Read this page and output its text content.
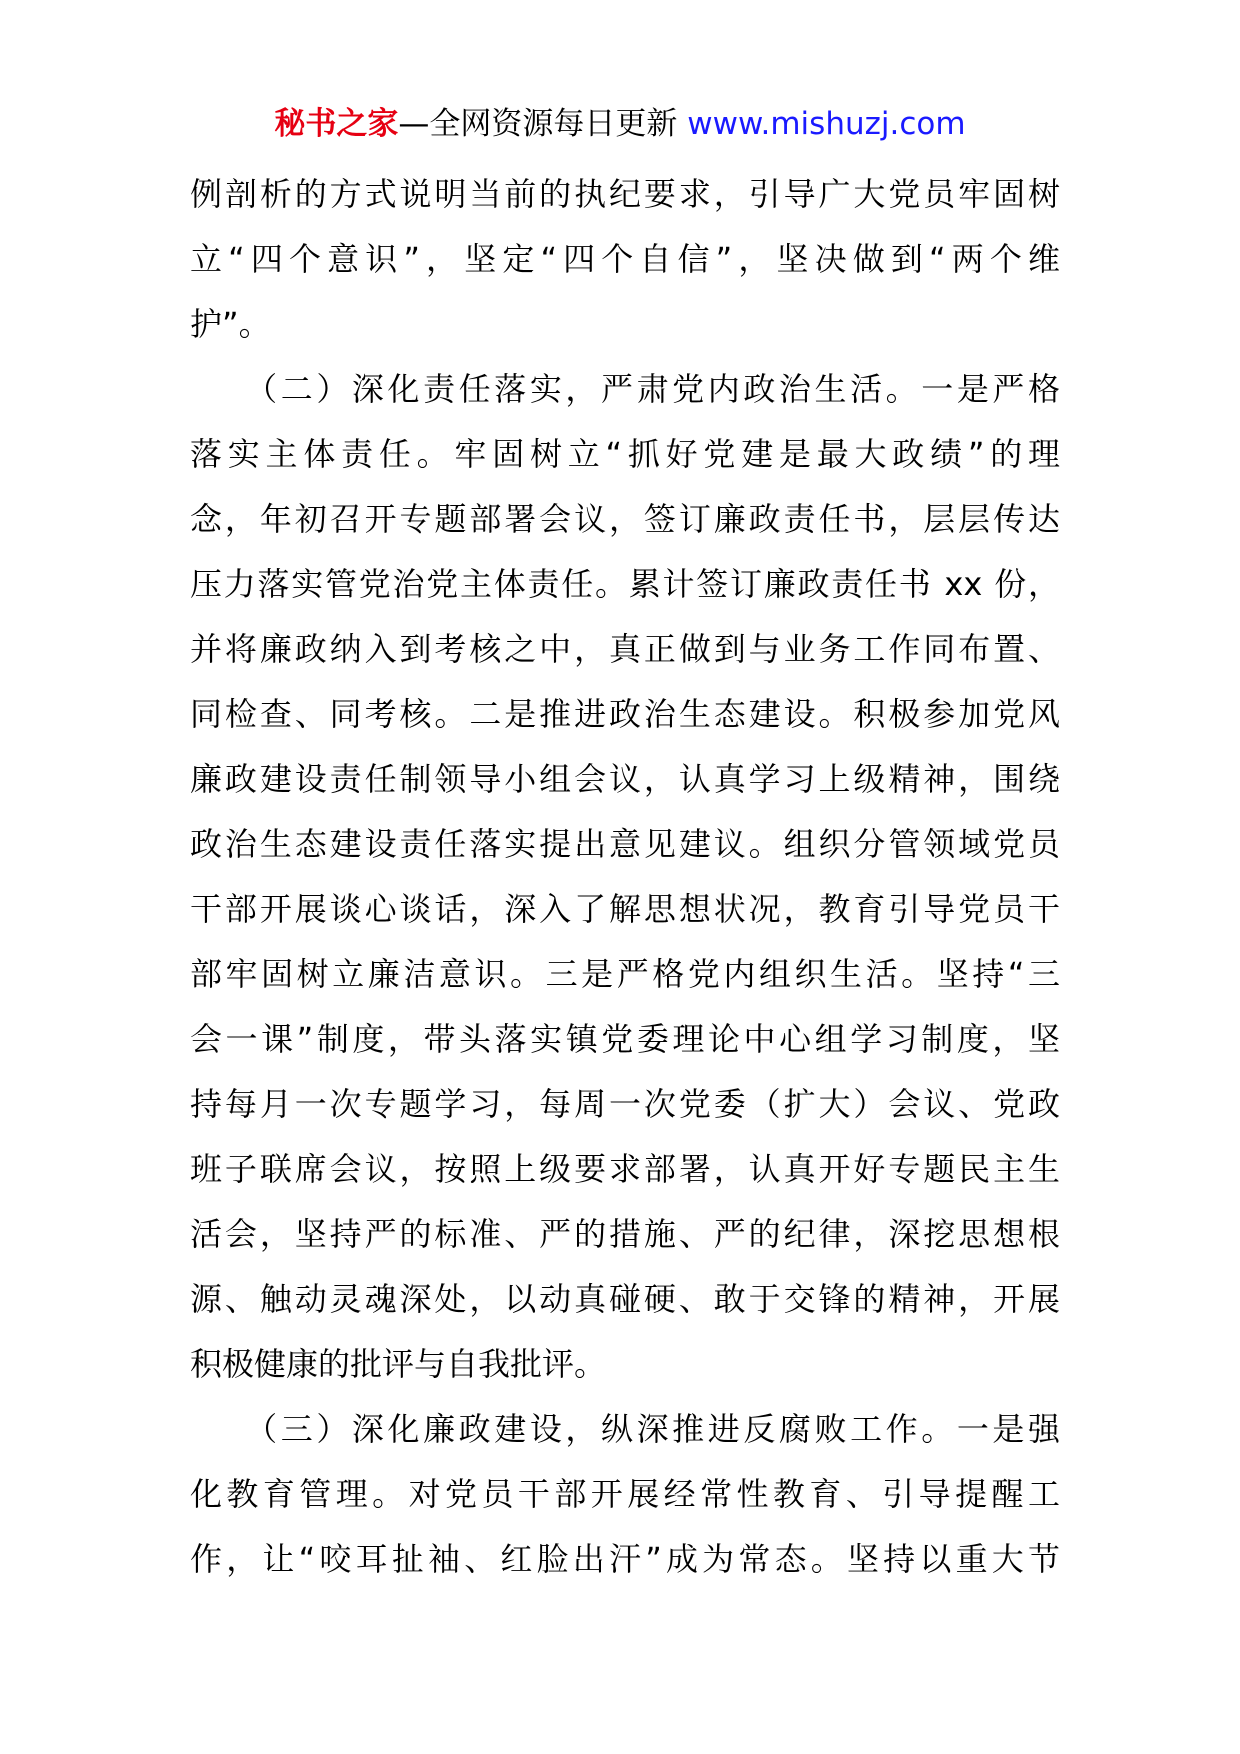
秘书之家—全网资源每日更新 www.mishuzj.com
例剖析的方式说明当前的执纪要求，引导广大党员牢固树
立“四个意识”，坚定“四个自信”，坚决做到“两个维
护”。
　　（二）深化责任落实，严肃党内政治生活。一是严格
落实主体责任。牢固树立“抓好党建是最大政绩”的理
念，年初召开专题部署会议，签订廉政责任书，层层传达
压力落实管党治党主体责任。累计签订廉政责任书 xx 份，
并将廉政纳入到考核之中，真正做到与业务工作同布置、
同检查、同考核。二是推进政治生态建设。积极参加党风
廉政建设责任制领导小组会议，认真学习上级精神，围绕
政治生态建设责任落实提出意见建议。组织分管领域党员
干部开展谈心谈话，深入了解思想状况，教育引导党员干
部牢固树立廉洁意识。三是严格党内组织生活。坚持“三
会一课”制度，带头落实镇党委理论中心组学习制度，坚
持每月一次专题学习，每周一次党委（扩大）会议、党政
班子联席会议，按照上级要求部署，认真开好专题民主生
活会，坚持严的标准、严的措施、严的纪律，深挖思想根
源、触动灵魂深处，以动真碰硬、敢于交锋的精神，开展
积极健康的批评与自我批评。
　　（三）深化廉政建设，纵深推进反腐败工作。一是强
化教育管理。对党员干部开展经常性教育、引导提醒工
作，让“咬耳扯袖、红脸出汗”成为常态。坚持以重大节
